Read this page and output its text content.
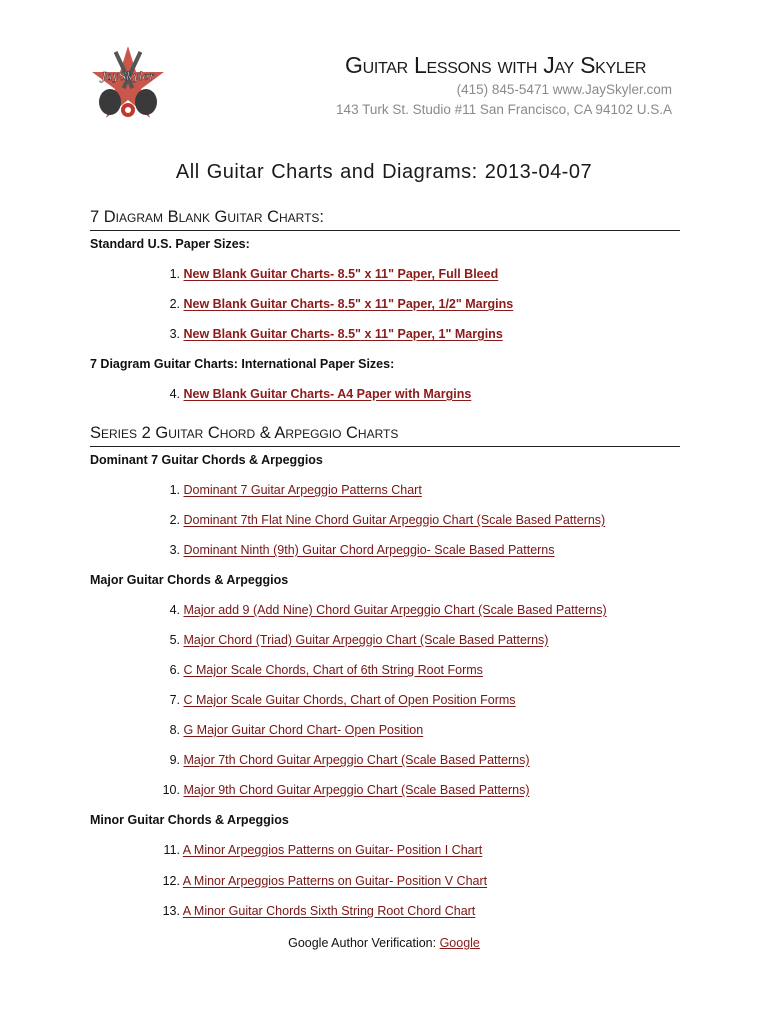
JaySkyler	Guitar Lessons with Jay Skyler
(415) 845-5471 www.JaySkyler.com
143 Turk St. Studio #11 San Francisco, CA 94102 U.S.A
All Guitar Charts and Diagrams: 2013-04-07
7 Diagram Blank Guitar Charts:
Standard U.S. Paper Sizes:
1. New Blank Guitar Charts- 8.5" x 11" Paper, Full Bleed
2. New Blank Guitar Charts- 8.5" x 11" Paper, 1/2" Margins
3. New Blank Guitar Charts- 8.5" x 11" Paper, 1" Margins
7 Diagram Guitar Charts: International Paper Sizes:
4. New Blank Guitar Charts- A4 Paper with Margins
Series 2 Guitar Chord & Arpeggio Charts
Dominant 7 Guitar Chords & Arpeggios
1. Dominant 7 Guitar Arpeggio Patterns Chart
2. Dominant 7th Flat Nine Chord Guitar Arpeggio Chart (Scale Based Patterns)
3. Dominant Ninth (9th) Guitar Chord Arpeggio- Scale Based Patterns
Major Guitar Chords & Arpeggios
4. Major add 9 (Add Nine) Chord Guitar Arpeggio Chart (Scale Based Patterns)
5. Major Chord (Triad) Guitar Arpeggio Chart (Scale Based Patterns)
6. C Major Scale Chords, Chart of 6th String Root Forms
7. C Major Scale Guitar Chords, Chart of Open Position Forms
8. G Major Guitar Chord Chart- Open Position
9. Major 7th Chord Guitar Arpeggio Chart (Scale Based Patterns)
10. Major 9th Chord Guitar Arpeggio Chart (Scale Based Patterns)
Minor Guitar Chords & Arpeggios
11. A Minor Arpeggios Patterns on Guitar- Position I Chart
12. A Minor Arpeggios Patterns on Guitar- Position V Chart
13. A Minor Guitar Chords Sixth String Root Chord Chart
Google Author Verification: Google
